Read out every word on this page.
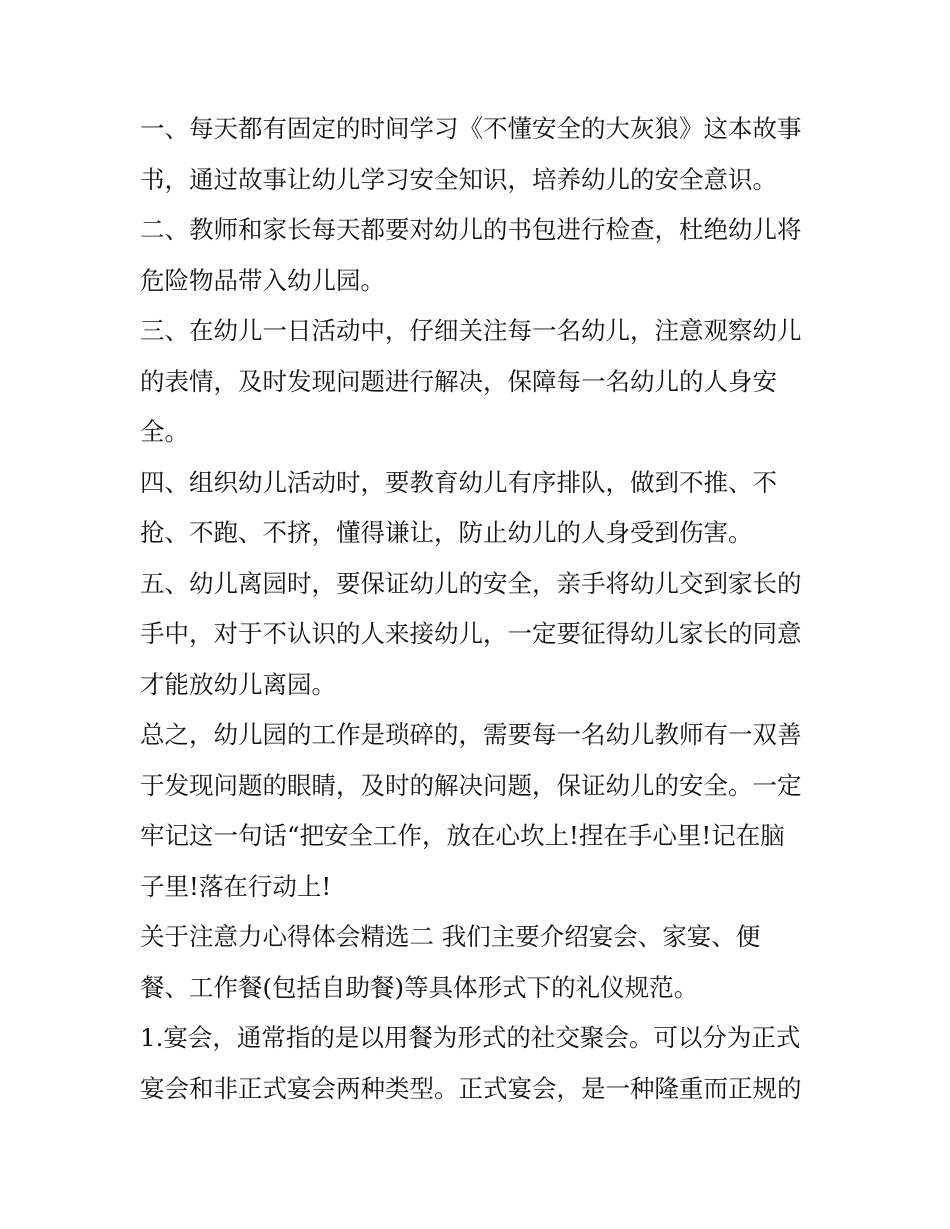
一、每天都有固定的时间学习《不懂安全的大灰狼》这本故事
书，通过故事让幼儿学习安全知识，培养幼儿的安全意识。
二、教师和家长每天都要对幼儿的书包进行检查，杜绝幼儿将
危险物品带入幼儿园。
三、在幼儿一日活动中，仔细关注每一名幼儿，注意观察幼儿
的表情，及时发现问题进行解决，保障每一名幼儿的人身安
全。
四、组织幼儿活动时，要教育幼儿有序排队，做到不推、不
抢、不跑、不挤，懂得谦让，防止幼儿的人身受到伤害。
五、幼儿离园时，要保证幼儿的安全，亲手将幼儿交到家长的
手中，对于不认识的人来接幼儿，一定要征得幼儿家长的同意
才能放幼儿离园。
总之，幼儿园的工作是琐碎的，需要每一名幼儿教师有一双善
于发现问题的眼睛，及时的解决问题，保证幼儿的安全。一定
牢记这一句话“把安全工作，放在心坎上!捏在手心里!记在脑
子里!落在行动上!
关于注意力心得体会精选二 我们主要介绍宴会、家宴、便
餐、工作餐(包括自助餐)等具体形式下的礼仪规范。
1.宴会，通常指的是以用餐为形式的社交聚会。可以分为正式
宴会和非正式宴会两种类型。正式宴会，是一种隆重而正规的
